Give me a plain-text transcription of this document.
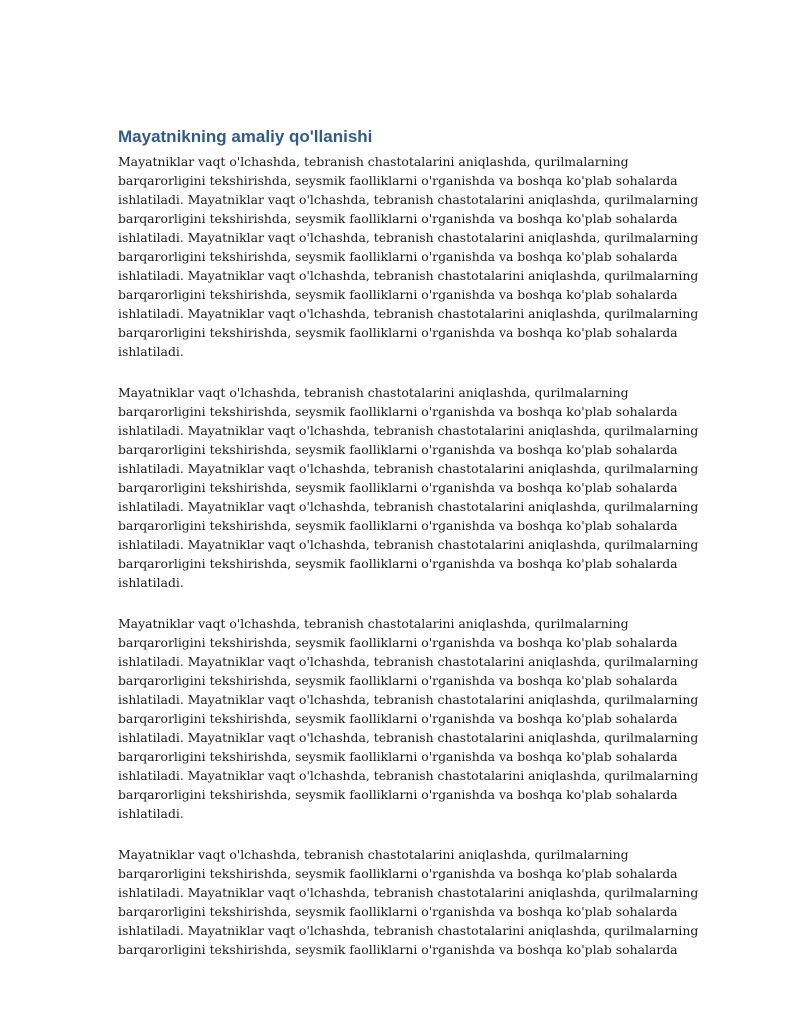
Mayatnikning amaliy qo'llanishi

Mayatniklar vaqt o'lchashda, tebranish chastotalarini aniqlashda, qurilmalarning
barqarorligini tekshirishda, seysmik faolliklarni o'rganishda va boshqa ko'plab sohalarda
ishlatiladi. Mayatniklar vaqt o'lchashda, tebranish chastotalarini aniqlashda, qurilmalarning
barqarorligini tekshirishda, seysmik faolliklarni o'rganishda va boshqa ko'plab sohalarda
ishlatiladi. Mayatniklar vaqt o'lchashda, tebranish chastotalarini aniqlashda, qurilmalarning
barqarorligini tekshirishda, seysmik faolliklarni o'rganishda va boshqa ko'plab sohalarda
ishlatiladi. Mayatniklar vaqt o'lchashda, tebranish chastotalarini aniqlashda, qurilmalarning
barqarorligini tekshirishda, seysmik faolliklarni o'rganishda va boshqa ko'plab sohalarda
ishlatiladi. Mayatniklar vaqt o'lchashda, tebranish chastotalarini aniqlashda, qurilmalarning
barqarorligini tekshirishda, seysmik faolliklarni o'rganishda va boshqa ko'plab sohalarda
ishlatiladi.

Mayatniklar vaqt o'lchashda, tebranish chastotalarini aniqlashda, qurilmalarning
barqarorligini tekshirishda, seysmik faolliklarni o'rganishda va boshqa ko'plab sohalarda
ishlatiladi. Mayatniklar vaqt o'lchashda, tebranish chastotalarini aniqlashda, qurilmalarning
barqarorligini tekshirishda, seysmik faolliklarni o'rganishda va boshqa ko'plab sohalarda
ishlatiladi. Mayatniklar vaqt o'lchashda, tebranish chastotalarini aniqlashda, qurilmalarning
barqarorligini tekshirishda, seysmik faolliklarni o'rganishda va boshqa ko'plab sohalarda
ishlatiladi. Mayatniklar vaqt o'lchashda, tebranish chastotalarini aniqlashda, qurilmalarning
barqarorligini tekshirishda, seysmik faolliklarni o'rganishda va boshqa ko'plab sohalarda
ishlatiladi. Mayatniklar vaqt o'lchashda, tebranish chastotalarini aniqlashda, qurilmalarning
barqarorligini tekshirishda, seysmik faolliklarni o'rganishda va boshqa ko'plab sohalarda
ishlatiladi.

Mayatniklar vaqt o'lchashda, tebranish chastotalarini aniqlashda, qurilmalarning
barqarorligini tekshirishda, seysmik faolliklarni o'rganishda va boshqa ko'plab sohalarda
ishlatiladi. Mayatniklar vaqt o'lchashda, tebranish chastotalarini aniqlashda, qurilmalarning
barqarorligini tekshirishda, seysmik faolliklarni o'rganishda va boshqa ko'plab sohalarda
ishlatiladi. Mayatniklar vaqt o'lchashda, tebranish chastotalarini aniqlashda, qurilmalarning
barqarorligini tekshirishda, seysmik faolliklarni o'rganishda va boshqa ko'plab sohalarda
ishlatiladi. Mayatniklar vaqt o'lchashda, tebranish chastotalarini aniqlashda, qurilmalarning
barqarorligini tekshirishda, seysmik faolliklarni o'rganishda va boshqa ko'plab sohalarda
ishlatiladi. Mayatniklar vaqt o'lchashda, tebranish chastotalarini aniqlashda, qurilmalarning
barqarorligini tekshirishda, seysmik faolliklarni o'rganishda va boshqa ko'plab sohalarda
ishlatiladi.

Mayatniklar vaqt o'lchashda, tebranish chastotalarini aniqlashda, qurilmalarning
barqarorligini tekshirishda, seysmik faolliklarni o'rganishda va boshqa ko'plab sohalarda
ishlatiladi. Mayatniklar vaqt o'lchashda, tebranish chastotalarini aniqlashda, qurilmalarning
barqarorligini tekshirishda, seysmik faolliklarni o'rganishda va boshqa ko'plab sohalarda
ishlatiladi. Mayatniklar vaqt o'lchashda, tebranish chastotalarini aniqlashda, qurilmalarning
barqarorligini tekshirishda, seysmik faolliklarni o'rganishda va boshqa ko'plab sohalarda
